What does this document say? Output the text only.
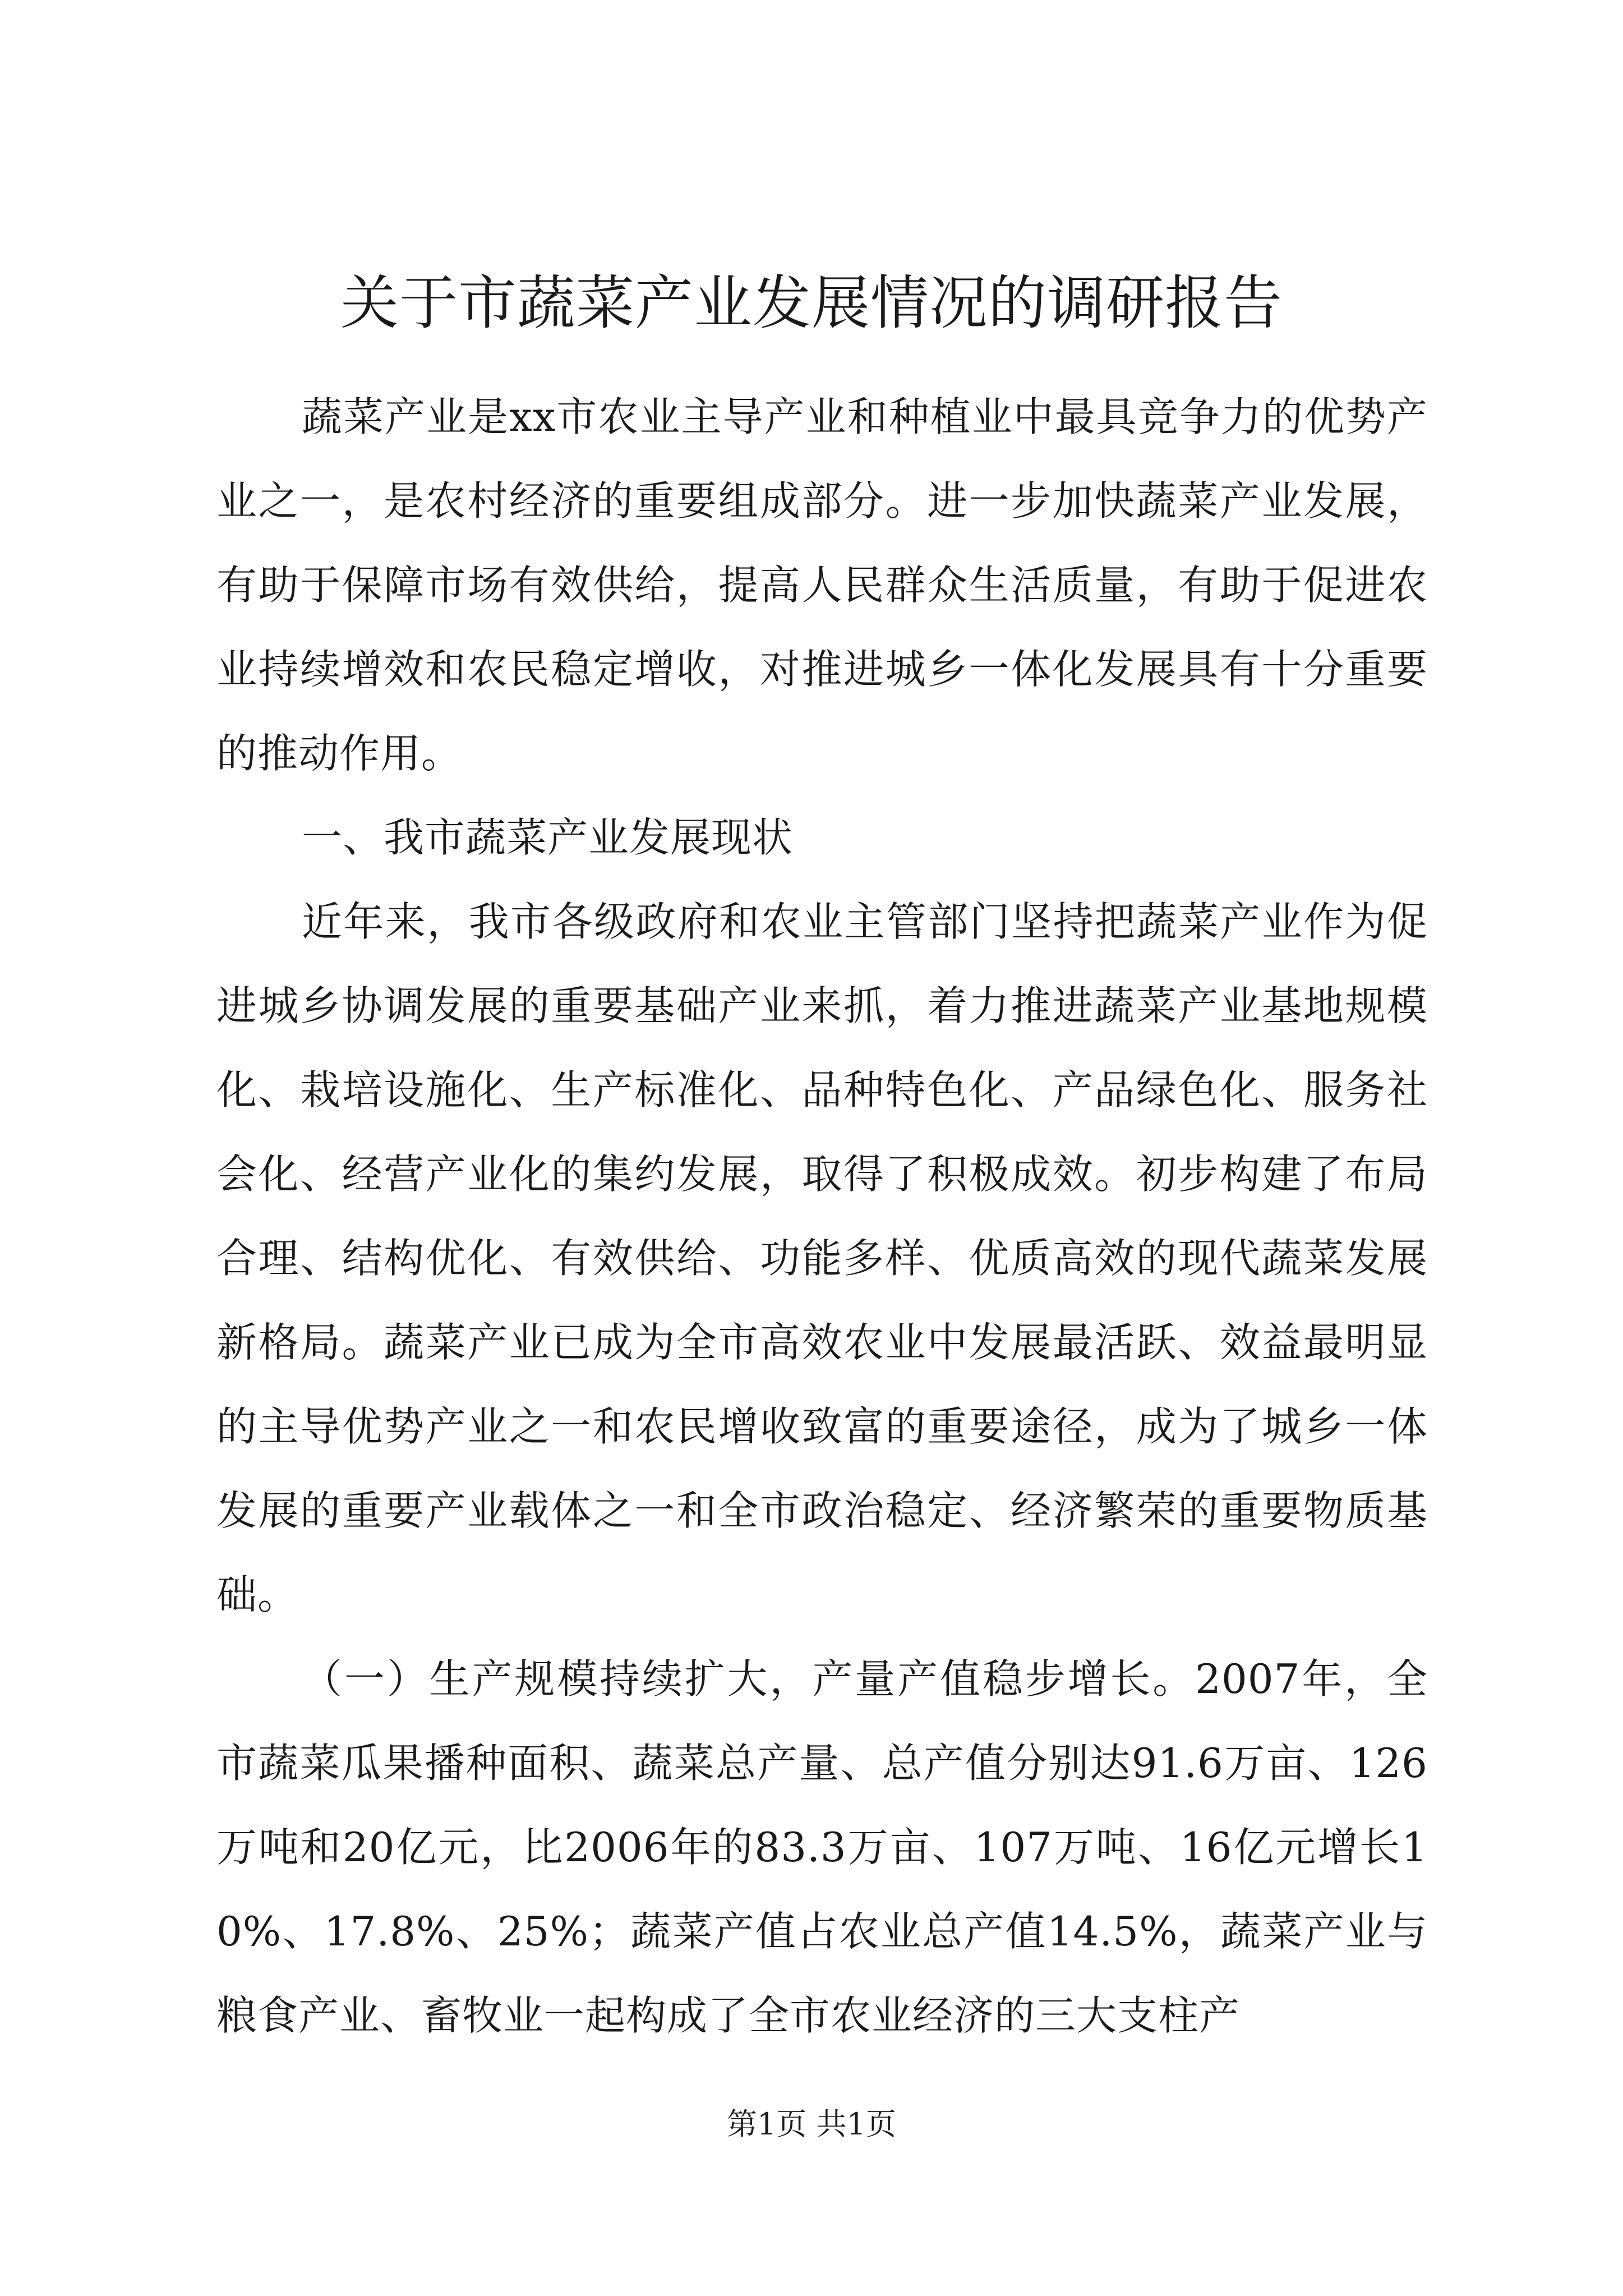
关于市蔬菜产业发展情况的调研报告

蔬菜产业是xx市农业主导产业和种植业中最具竞争力的优势产业之一，是农村经济的重要组成部分。进一步加快蔬菜产业发展，有助于保障市场有效供给，提高人民群众生活质量，有助于促进农业持续增效和农民稳定增收，对推进城乡一体化发展具有十分重要的推动作用。

一、我市蔬菜产业发展现状

近年来，我市各级政府和农业主管部门坚持把蔬菜产业作为促进城乡协调发展的重要基础产业来抓，着力推进蔬菜产业基地规模化、栽培设施化、生产标准化、品种特色化、产品绿色化、服务社会化、经营产业化的集约发展，取得了积极成效。初步构建了布局合理、结构优化、有效供给、功能多样、优质高效的现代蔬菜发展新格局。蔬菜产业已成为全市高效农业中发展最活跃、效益最明显的主导优势产业之一和农民增收致富的重要途径，成为了城乡一体发展的重要产业载体之一和全市政治稳定、经济繁荣的重要物质基础。

（一）生产规模持续扩大，产量产值稳步增长。2007年，全市蔬菜瓜果播种面积、蔬菜总产量、总产值分别达91.6万亩、126万吨和20亿元，比2006年的83.3万亩、107万吨、16亿元增长10%、17.8%、25%；蔬菜产值占农业总产值14.5%，蔬菜产业与粮食产业、畜牧业一起构成了全市农业经济的三大支柱产

第1页 共1页
